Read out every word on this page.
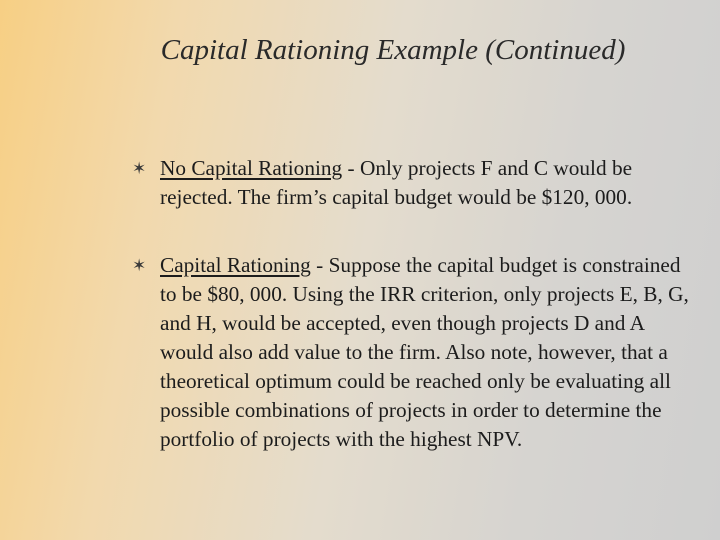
Capital Rationing Example (Continued)
✶ No Capital Rationing - Only projects F and C would be rejected. The firm’s capital budget would be $120, 000.
✶ Capital Rationing - Suppose the capital budget is constrained to be $80, 000. Using the IRR criterion, only projects E, B, G, and H, would be accepted, even though projects D and A would also add value to the firm. Also note, however, that a theoretical optimum could be reached only be evaluating all possible combinations of projects in order to determine the portfolio of projects with the highest NPV.
